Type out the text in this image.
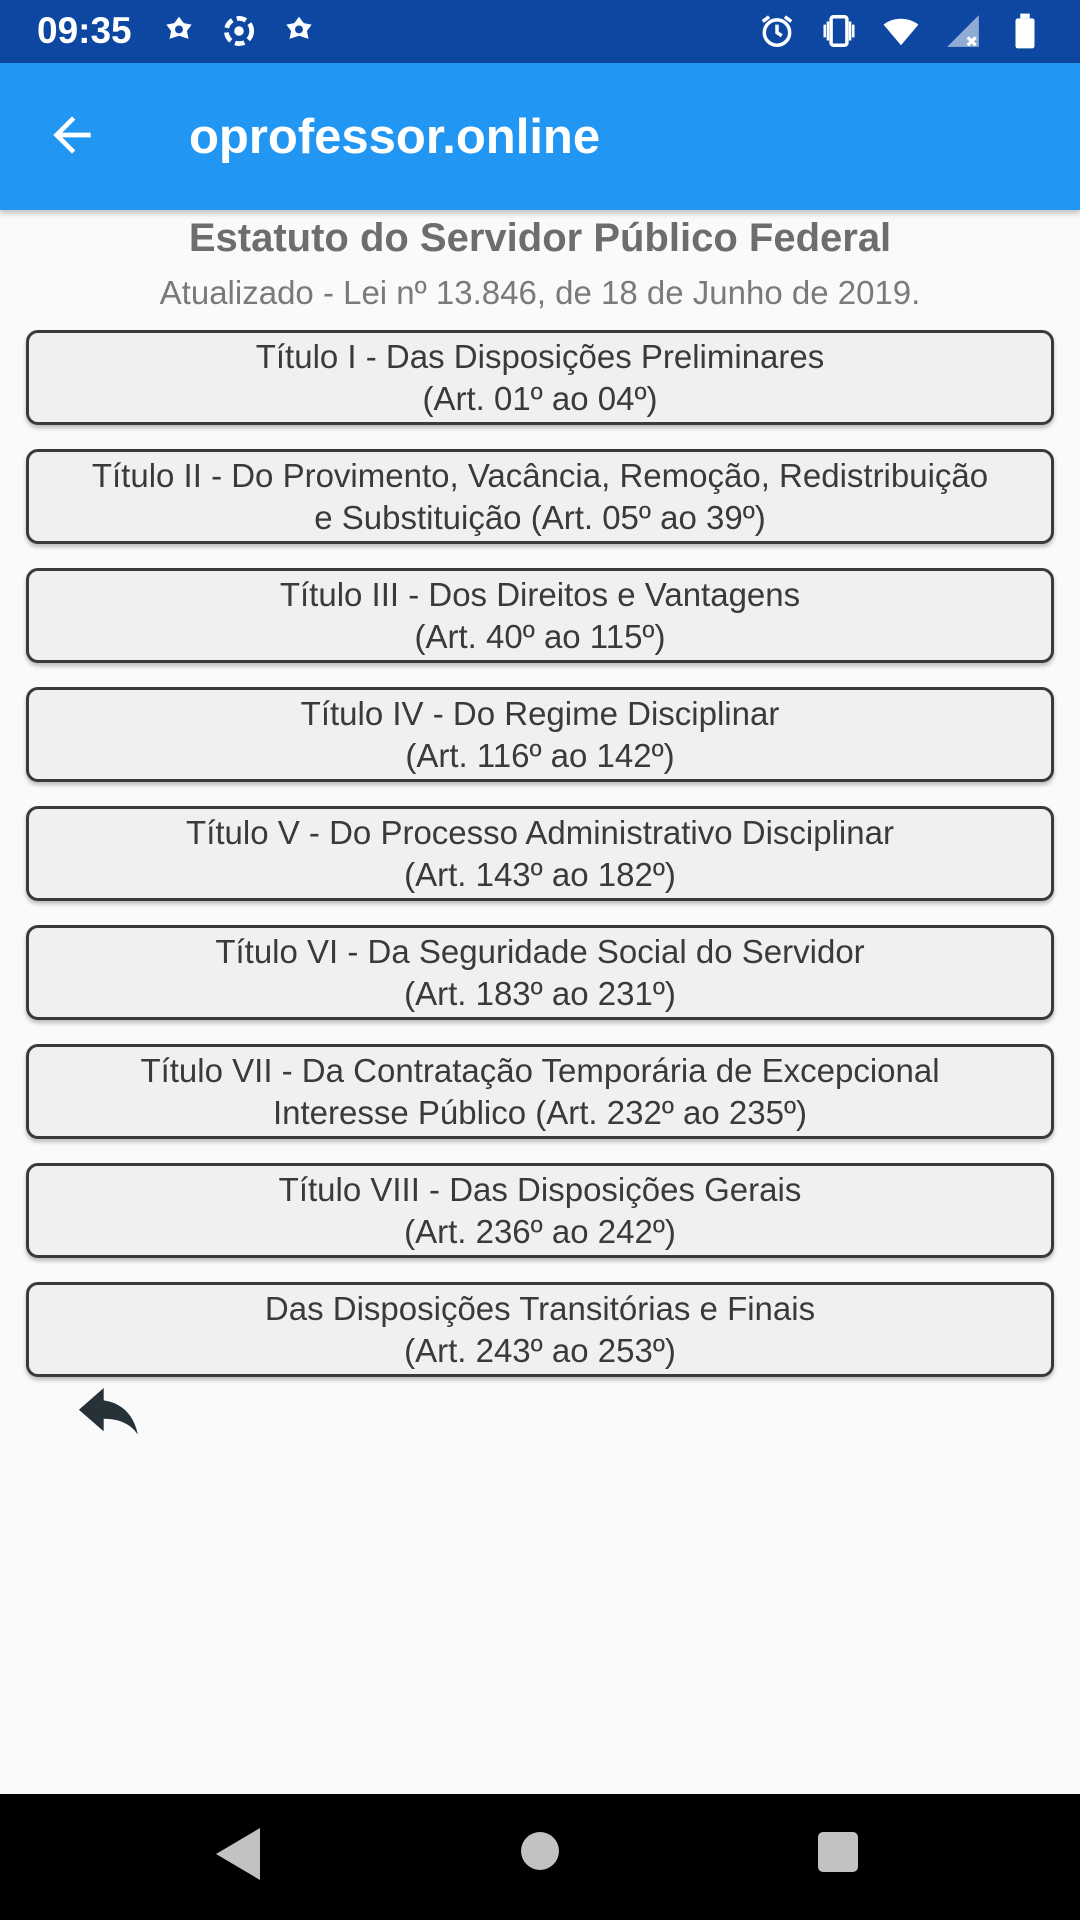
09:35
oprofessor.online
Estatuto do Servidor Público Federal
Atualizado - Lei nº 13.846, de 18 de Junho de 2019.
Título I - Das Disposições Preliminares
(Art. 01º ao 04º)
Título II - Do Provimento, Vacância, Remoção, Redistribuição
e Substituição (Art. 05º ao 39º)
Título III - Dos Direitos e Vantagens
(Art. 40º ao 115º)
Título IV - Do Regime Disciplinar
(Art. 116º ao 142º)
Título V - Do Processo Administrativo Disciplinar
(Art. 143º ao 182º)
Título VI - Da Seguridade Social do Servidor
(Art. 183º ao 231º)
Título VII - Da Contratação Temporária de Excepcional
Interesse Público (Art. 232º ao 235º)
Título VIII - Das Disposições Gerais
(Art. 236º ao 242º)
Das Disposições Transitórias e Finais
(Art. 243º ao 253º)
